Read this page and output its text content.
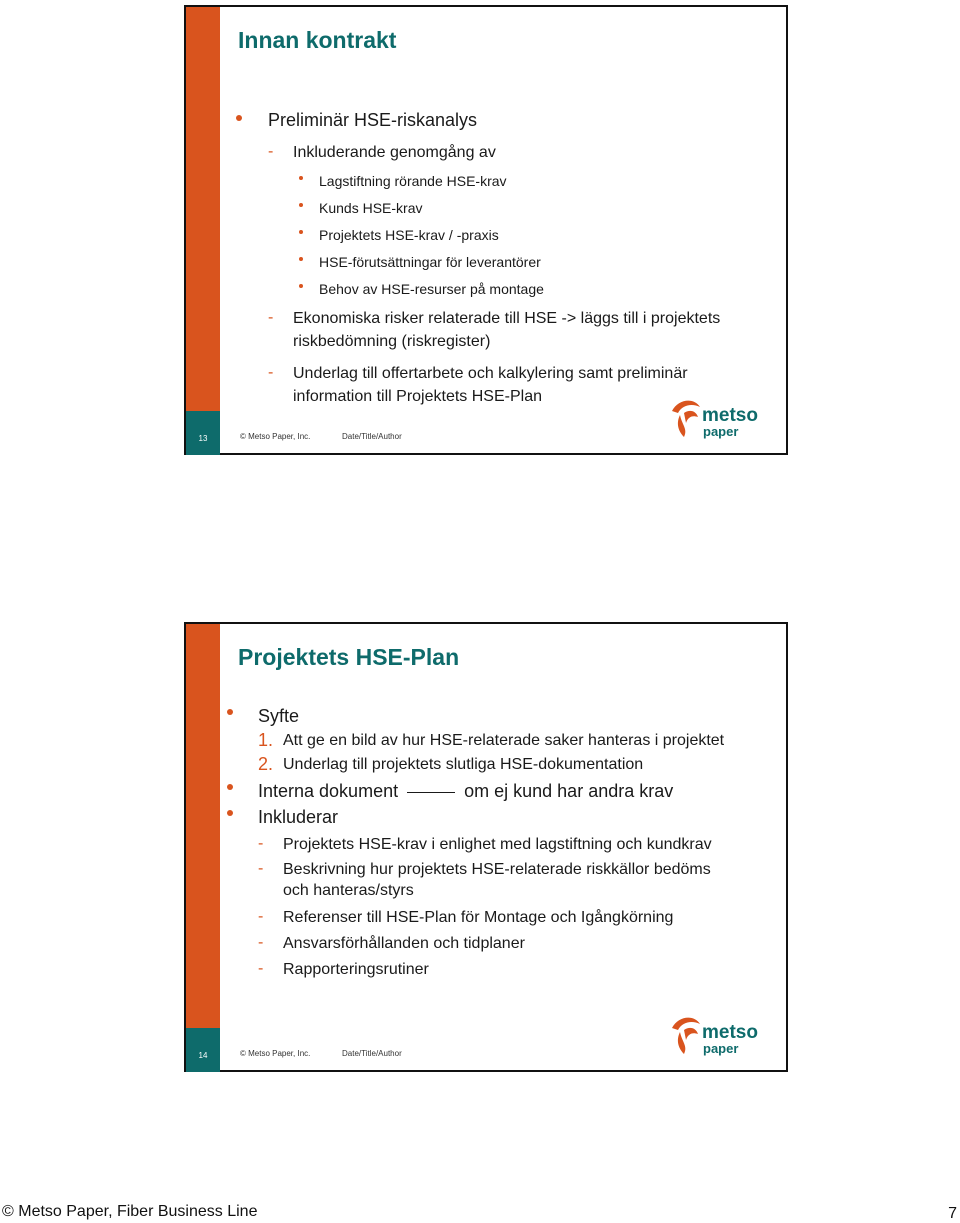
13
Innan kontrakt
Preliminär HSE-riskanalys
- Inkluderande genomgång av
Lagstiftning rörande HSE-krav
Kunds HSE-krav
Projektets HSE-krav / -praxis
HSE-förutsättningar för leverantörer
Behov av HSE-resurser på montage
- Ekonomiska risker relaterade till HSE -> läggs till i projektets
riskbedömning (riskregister)
- Underlag till offertarbete och kalkylering samt preliminär
information till Projektets HSE-Plan
© Metso Paper, Inc.	Date/Title/Author
metso
paper
14
Projektets HSE-Plan
Syfte
1. Att ge en bild av hur HSE-relaterade saker hanteras i projektet
2. Underlag till projektets slutliga HSE-dokumentation
Interna dokument	om ej kund har andra krav
Inkluderar
- Projektets HSE-krav i enlighet med lagstiftning och kundkrav
- Beskrivning hur projektets HSE-relaterade riskkällor bedöms
och hanteras/styrs
- Referenser till HSE-Plan för Montage och Igångkörning
- Ansvarsförhållanden och tidplaner
- Rapporteringsrutiner
© Metso Paper, Inc.	Date/Title/Author
metso
paper
© Metso Paper, Fiber Business Line	7
